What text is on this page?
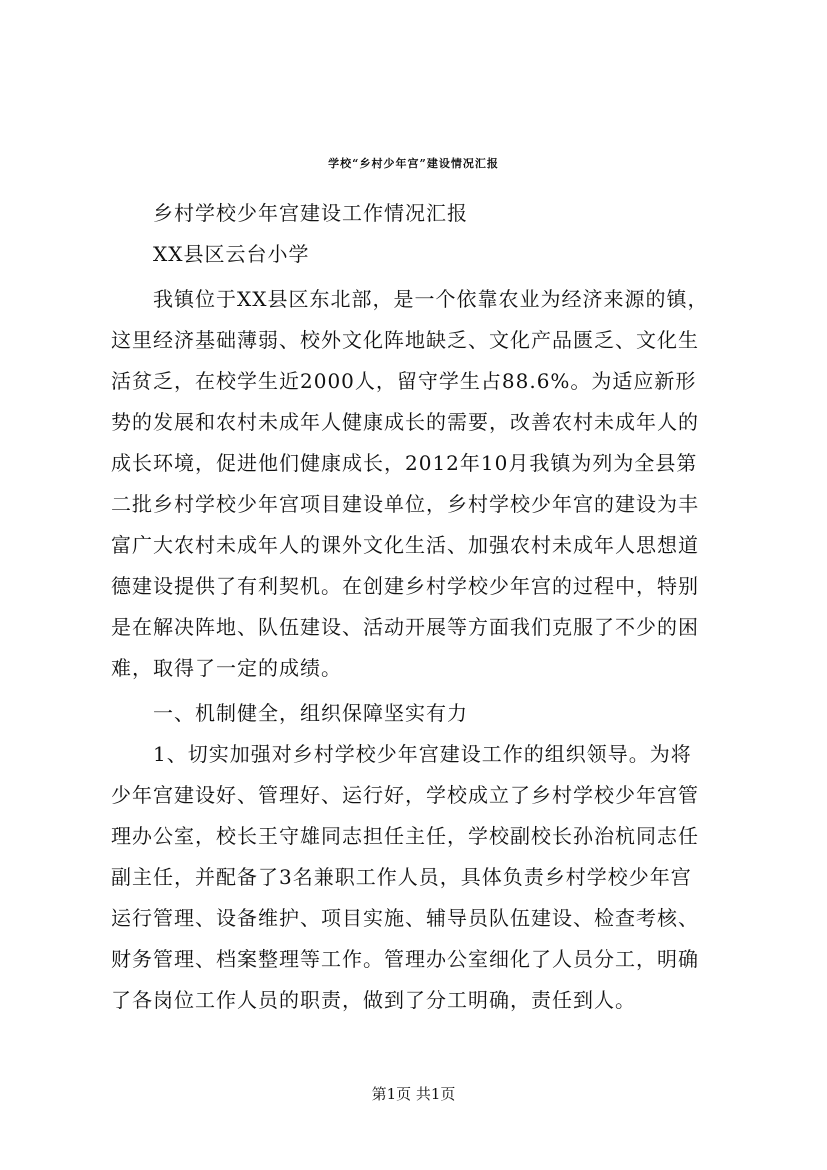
学校“乡村少年宫”建设情况汇报
　　乡村学校少年宫建设工作情况汇报
　　XX县区云台小学
　　我镇位于XX县区东北部，是一个依靠农业为经济来源的镇，
这里经济基础薄弱、校外文化阵地缺乏、文化产品匮乏、文化生
活贫乏，在校学生近2000人，留守学生占88.6%。为适应新形
势的发展和农村未成年人健康成长的需要，改善农村未成年人的
成长环境，促进他们健康成长，2012年10月我镇为列为全县第
二批乡村学校少年宫项目建设单位，乡村学校少年宫的建设为丰
富广大农村未成年人的课外文化生活、加强农村未成年人思想道
德建设提供了有利契机。在创建乡村学校少年宫的过程中，特别
是在解决阵地、队伍建设、活动开展等方面我们克服了不少的困
难，取得了一定的成绩。
　　一、机制健全，组织保障坚实有力
　　1、切实加强对乡村学校少年宫建设工作的组织领导。为将
少年宫建设好、管理好、运行好，学校成立了乡村学校少年宫管
理办公室，校长王守雄同志担任主任，学校副校长孙治杭同志任
副主任，并配备了3名兼职工作人员，具体负责乡村学校少年宫
运行管理、设备维护、项目实施、辅导员队伍建设、检查考核、
财务管理、档案整理等工作。管理办公室细化了人员分工，明确
了各岗位工作人员的职责，做到了分工明确，责任到人。
第1页 共1页
